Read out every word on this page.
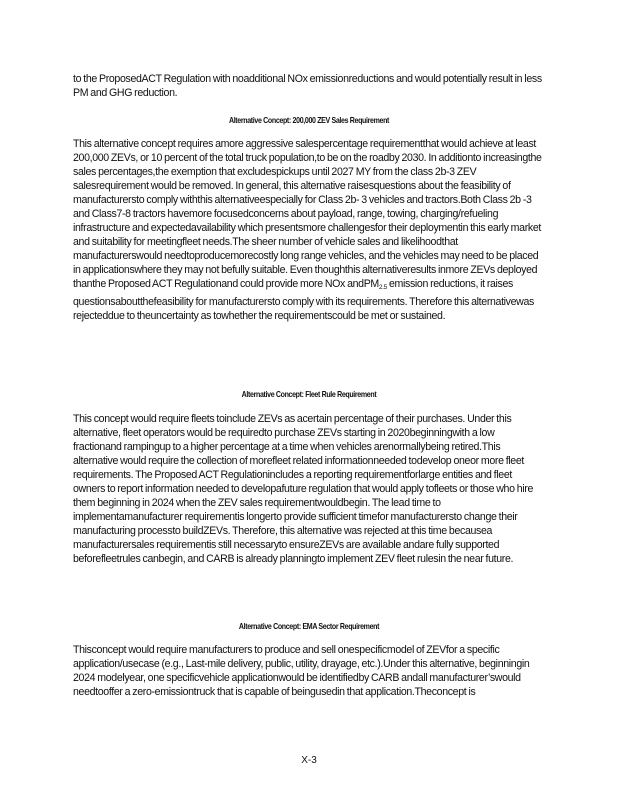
to the ProposedACT Regulation with noadditional NOx emissionreductions and would potentially result in less PM and GHG reduction.

Alternative Concept: 200,000 ZEV Sales Requirement

This alternative concept requires amore aggressive salespercentage requirementthat would achieve at least 200,000 ZEVs, or 10 percent of the total truck population,to be on the roadby 2030. In additionto increasingthe sales percentages,the exemption that excludespickups until 2027 MY from the class 2b-3 ZEV salesrequirement would be removed. In general, this alternative raisesquestions about the feasibility of manufacturersto comply withthis alternativeespecially for Class 2b- 3 vehicles and tractors.Both Class 2b -3 and Class7-8 tractors havemore focusedconcerns about payload, range, towing, charging/refueling infrastructure and expectedavailability which presentsmore challengesfor their deploymentin this early market and suitability for meetingfleet needs.The sheer number of vehicle sales and likelihoodthat manufacturerswould needtoproducemorecostly long range vehicles, and the vehicles may need to be placed in applicationswhere they may not befully suitable. Even thoughthis alternativeresults inmore ZEVs deployed thanthe Proposed ACT Regulationand could provide more NOx andPM$_{2.5}$ emission reductions, it raises questionsaboutthefeasibility for manufacturersto comply with its requirements. Therefore this alternativewas rejecteddue to theuncertainty as towhether the requirementscould be met or sustained.

Alternative Concept: Fleet Rule Requirement

This concept would require fleets toinclude ZEVs as acertain percentage of their purchases. Under this alternative, fleet operators would be requiredto purchase ZEVs starting in 2020beginningwith a low fractionand rampingup to a higher percentage at a time when vehicles arenormallybeing retired.This alternative would require the collection of morefleet related informationneeded todevelop oneor more fleet requirements. The Proposed ACT Regulationincludes a reporting requirementforlarge entities and fleet owners to report information needed to developafuture regulation that would apply tofleets or those who hire them beginning in 2024 when the ZEV sales requirementwouldbegin. The lead time to implementamanufacturer requirementis longerto provide sufficient timefor manufacturersto change their manufacturing processto buildZEVs. Therefore, this alternative was rejected at this time becausea manufacturersales requirementis still necessaryto ensureZEVs are available andare fully supported beforefleetrules canbegin, and CARB is already planningto implement ZEV fleet rulesin the near future.

Alternative Concept: EMA Sector Requirement

Thisconcept would require manufacturers to produce and sell onespecificmodel of ZEVfor a specific application/usecase (e.g., Last-mile delivery, public, utility, drayage, etc.).Under this alternative, beginningin 2024 modelyear, one specificvehicle applicationwould be identifiedby CARB andall manufacturer’swould needtooffer a zero-emissiontruck that is capable of beingusedin that application.Theconcept is

X-3
